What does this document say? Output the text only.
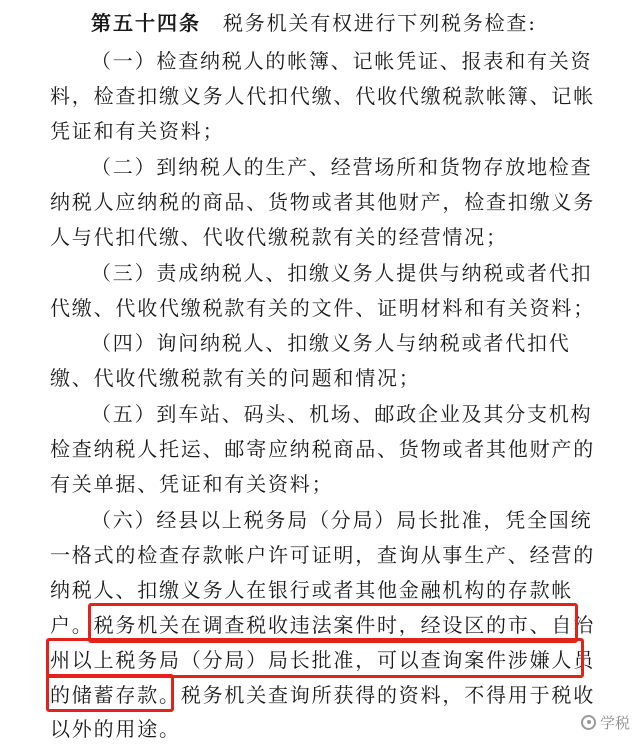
第五十四条 税务机关有权进行下列税务检查:
（一）检查纳税人的帐簿、记帐凭证、报表和有关资
料，检查扣缴义务人代扣代缴、代收代缴税款帐簿、记帐
凭证和有关资料；
（二）到纳税人的生产、经营场所和货物存放地检查
纳税人应纳税的商品、货物或者其他财产，检查扣缴义务
人与代扣代缴、代收代缴税款有关的经营情况；
（三）责成纳税人、扣缴义务人提供与纳税或者代扣
代缴、代收代缴税款有关的文件、证明材料和有关资料；
（四）询问纳税人、扣缴义务人与纳税或者代扣代
缴、代收代缴税款有关的问题和情况；
（五）到车站、码头、机场、邮政企业及其分支机构
检查纳税人托运、邮寄应纳税商品、货物或者其他财产的
有关单据、凭证和有关资料；
（六）经县以上税务局（分局）局长批准，凭全国统
一格式的检查存款帐户许可证明，查询从事生产、经营的
纳税人、扣缴义务人在银行或者其他金融机构的存款帐
户。税务机关在调查税收违法案件时，经设区的市、自治
州以上税务局（分局）局长批准，可以查询案件涉嫌人员
的储蓄存款。税务机关查询所获得的资料，不得用于税收
以外的用途。	学税
